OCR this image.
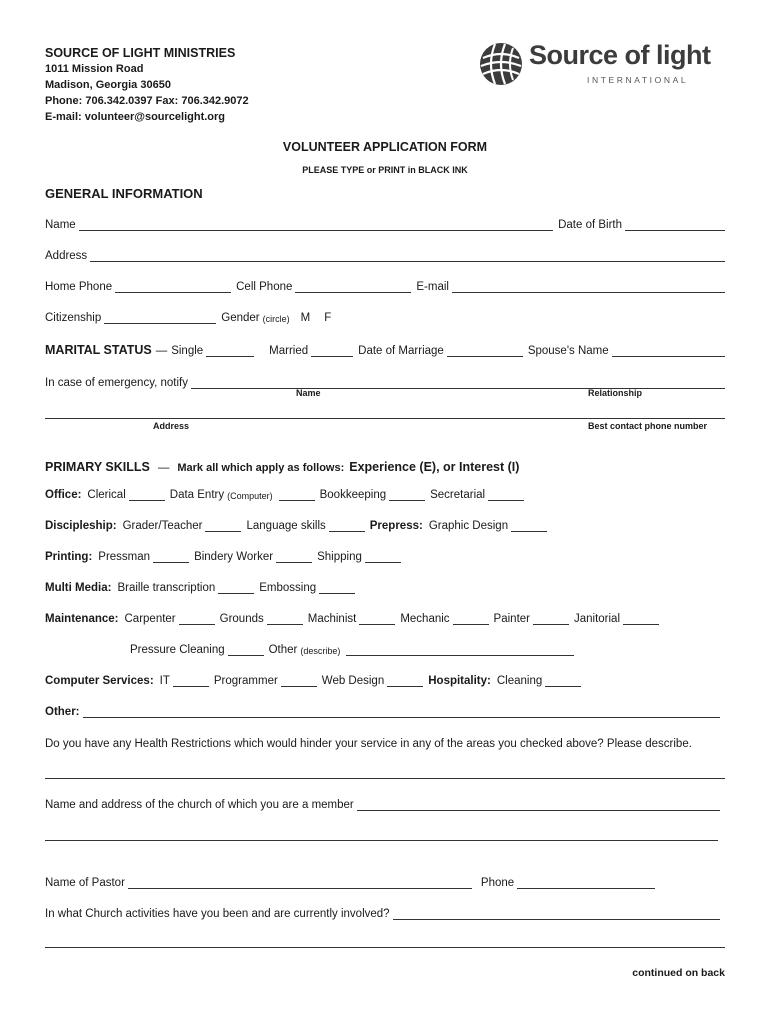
SOURCE OF LIGHT MINISTRIES
1011 Mission Road
Madison, Georgia 30650
Phone: 706.342.0397 Fax: 706.342.9072
E-mail: volunteer@sourcelight.org
Source of light
INTERNATIONAL
VOLUNTEER APPLICATION FORM
PLEASE TYPE or PRINT in BLACK INK
GENERAL INFORMATION
Name	Date of Birth
Address
Home Phone	Cell Phone	E-mail
Citizenship	Gender (circle) M F
MARITAL STATUS — Single	Married	Date of Marriage	Spouse's Name
In case of emergency, notify
Name	Relationship
Address	Best contact phone number
PRIMARY SKILLS — Mark all which apply as follows: Experience (E), or Interest (I)
Office: Clerical	Data Entry (Computer)	Bookkeeping	Secretarial
Discipleship: Grader/Teacher	Language skills	Prepress: Graphic Design
Printing: Pressman	Bindery Worker	Shipping
Multi Media: Braille transcription	Embossing
Maintenance: Carpenter	Grounds	Machinist	Mechanic	Painter	Janitorial
Pressure Cleaning	Other (describe)
Computer Services: IT	Programmer	Web Design	Hospitality: Cleaning
Other:
Do you have any Health Restrictions which would hinder your service in any of the areas you checked above? Please describe.
Name and address of the church of which you are a member
Name of Pastor	Phone
In what Church activities have you been and are currently involved?
continued on back
